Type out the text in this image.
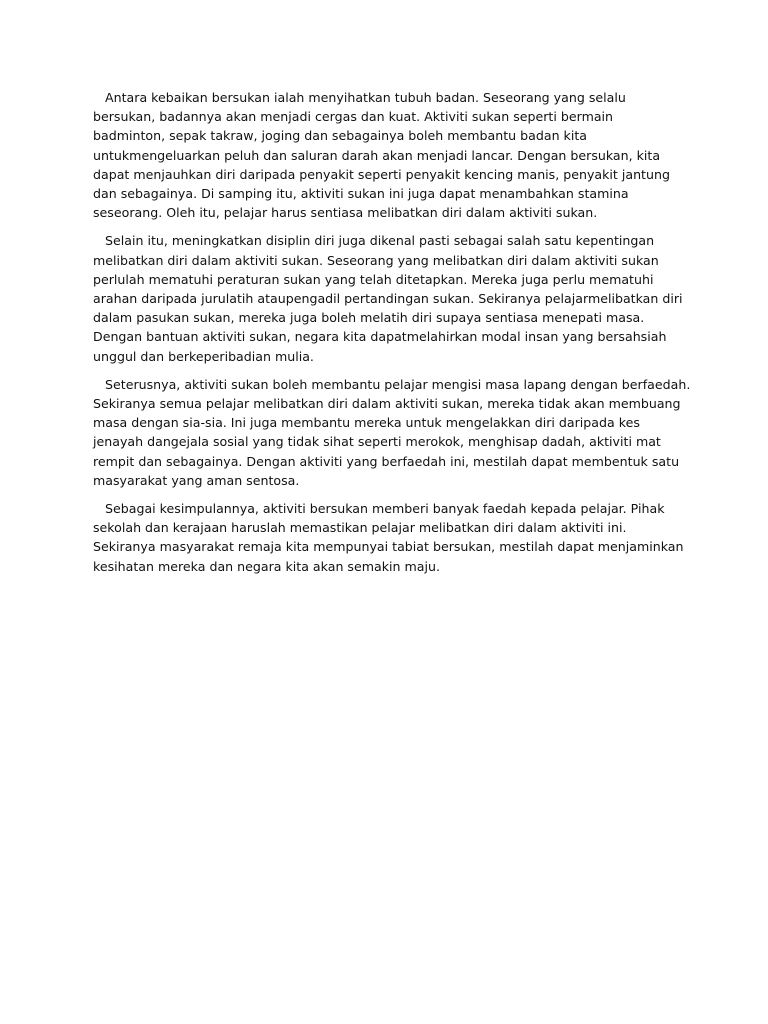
Antara kebaikan bersukan ialah menyihatkan tubuh badan. Seseorang yang selalu
bersukan, badannya akan menjadi cergas dan kuat. Aktiviti sukan seperti bermain
badminton, sepak takraw, joging dan sebagainya boleh membantu badan kita
untukmengeluarkan peluh dan saluran darah akan menjadi lancar. Dengan bersukan, kita
dapat menjauhkan diri daripada penyakit seperti penyakit kencing manis, penyakit jantung
dan sebagainya. Di samping itu, aktiviti sukan ini juga dapat menambahkan stamina
seseorang. Oleh itu, pelajar harus sentiasa melibatkan diri dalam aktiviti sukan.

Selain itu, meningkatkan disiplin diri juga dikenal pasti sebagai salah satu kepentingan
melibatkan diri dalam aktiviti sukan. Seseorang yang melibatkan diri dalam aktiviti sukan
perlulah mematuhi peraturan sukan yang telah ditetapkan. Mereka juga perlu mematuhi
arahan daripada jurulatih ataupengadil pertandingan sukan. Sekiranya pelajarmelibatkan diri
dalam pasukan sukan, mereka juga boleh melatih diri supaya sentiasa menepati masa.
Dengan bantuan aktiviti sukan, negara kita dapatmelahirkan modal insan yang bersahsiah
unggul dan berkeperibadian mulia.

Seterusnya, aktiviti sukan boleh membantu pelajar mengisi masa lapang dengan berfaedah.
Sekiranya semua pelajar melibatkan diri dalam aktiviti sukan, mereka tidak akan membuang
masa dengan sia-sia. Ini juga membantu mereka untuk mengelakkan diri daripada kes
jenayah dangejala sosial yang tidak sihat seperti merokok, menghisap dadah, aktiviti mat
rempit dan sebagainya. Dengan aktiviti yang berfaedah ini, mestilah dapat membentuk satu
masyarakat yang aman sentosa.

Sebagai kesimpulannya, aktiviti bersukan memberi banyak faedah kepada pelajar. Pihak
sekolah dan kerajaan haruslah memastikan pelajar melibatkan diri dalam aktiviti ini.
Sekiranya masyarakat remaja kita mempunyai tabiat bersukan, mestilah dapat menjaminkan
kesihatan mereka dan negara kita akan semakin maju.
